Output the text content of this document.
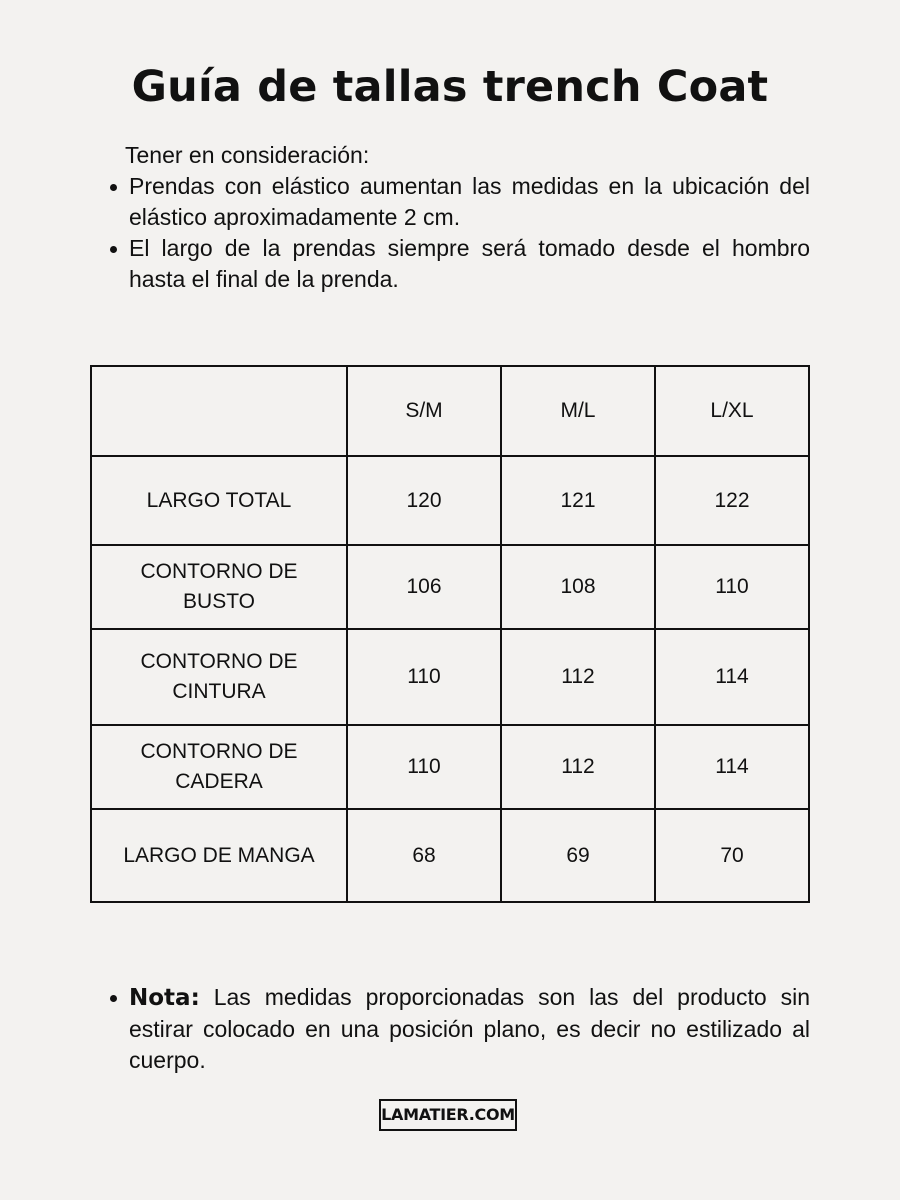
Guía de tallas trench Coat

Tener en consideración:

Prendas con elástico aumentan las medidas en la ubicación del elástico aproximadamente 2 cm.
El largo de la prendas siempre será tomado desde el hombro hasta el final de la prenda.
	S/M	M/L	L/XL
LARGO TOTAL	120	121	122
CONTORNO DE
BUSTO	106	108	110
CONTORNO DE
CINTURA	110	112	114
CONTORNO DE
CADERA	110	112	114
LARGO DE MANGA	68	69	70
Nota: Las medidas proporcionadas son las del producto sin estirar colocado en una posición plano, es decir no estilizado al cuerpo.
LAMATIER.COM
